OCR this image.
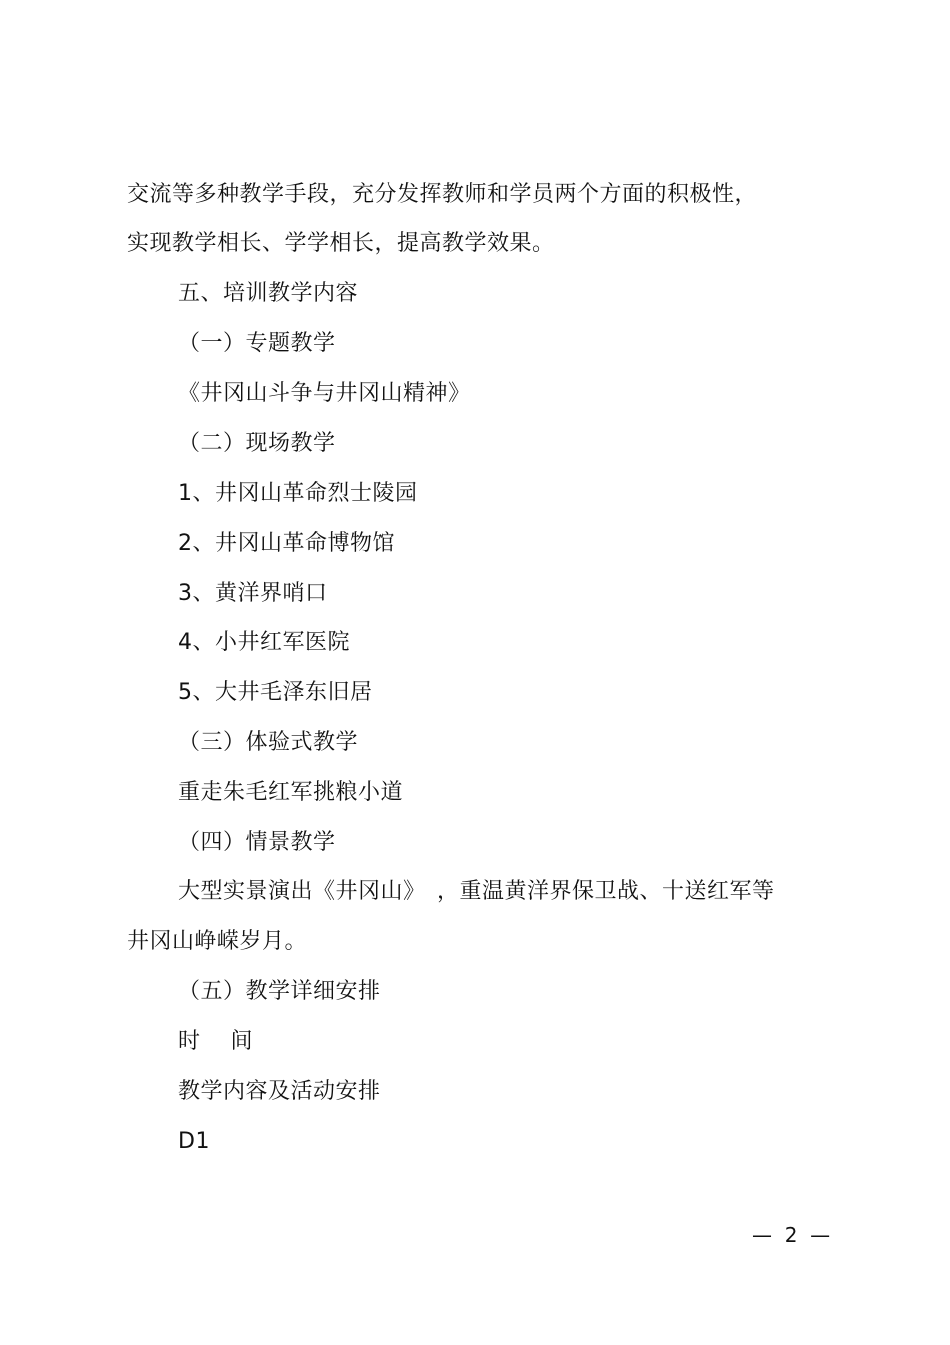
交流等多种教学手段，充分发挥教师和学员两个方面的积极性，
实现教学相长、学学相长，提高教学效果。
五、培训教学内容
（一）专题教学
《井冈山斗争与井冈山精神》
（二）现场教学
1、井冈山革命烈士陵园
2、井冈山革命博物馆
3、黄洋界哨口
4、小井红军医院
5、大井毛泽东旧居
（三）体验式教学
重走朱毛红军挑粮小道
（四）情景教学
大型实景演出《井冈山》　，重温黄洋界保卫战、十送红军等
井冈山峥嵘岁月。
（五）教学详细安排
时　 间
教学内容及活动安排
D1
—  2  —
